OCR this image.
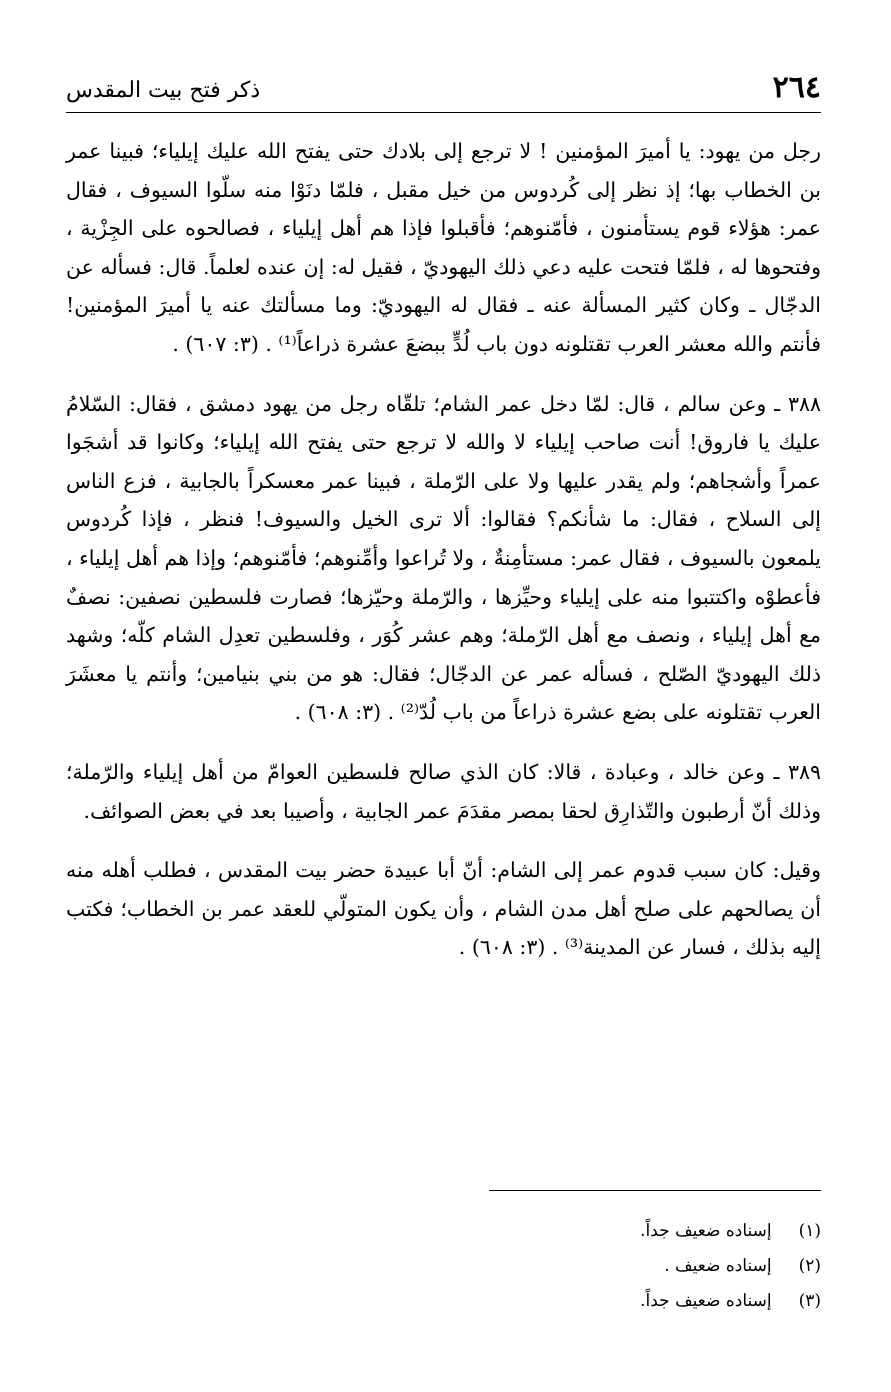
٢٦٤
ذكر فتح بيت المقدس

رجل من يهود: يا أميرَ المؤمنين ! لا ترجع إلى بلادك حتى يفتح الله عليك إيلياء؛ فبينا عمر بن الخطاب بها؛ إذ نظر إلى كُردوس من خيل مقبل ، فلمّا دنَوْا منه سلّوا السيوف ، فقال عمر: هؤلاء قوم يستأمنون ، فأمّنوهم؛ فأقبلوا فإذا هم أهل إيلياء ، فصالحوه على الجِزْية ، وفتحوها له ، فلمّا فتحت عليه دعي ذلك اليهوديّ ، فقيل له: إن عنده لعلماً. قال: فسأله عن الدجّال ـ وكان كثير المسألة عنه ـ فقال له اليهوديّ: وما مسألتك عنه يا أميرَ المؤمنين! فأنتم والله معشر العرب تقتلونه دون باب لُدٍّ ببضعَ عشرة ذراعاً⁽¹⁾ . (٣: ٦٠٧) .

٣٨٨ ـ وعن سالم ، قال: لمّا دخل عمر الشام؛ تلقّاه رجل من يهود دمشق ، فقال: السّلامُ عليك يا فاروق! أنت صاحب إيلياء لا والله لا ترجع حتى يفتح الله إيلياء؛ وكانوا قد أشجَوا عمراً وأشجاهم؛ ولم يقدر عليها ولا على الرّملة ، فبينا عمر معسكراً بالجابية ، فزع الناس إلى السلاح ، فقال: ما شأنكم؟ فقالوا: ألا ترى الخيل والسيوف! فنظر ، فإذا كُردوس يلمعون بالسيوف ، فقال عمر: مستأمِنةٌ ، ولا تُراعوا وأمِّنوهم؛ فأمّنوهم؛ وإذا هم أهل إيلياء ، فأعطوْه واكتتبوا منه على إيلياء وحيِّزها ، والرّملة وحيّزها؛ فصارت فلسطين نصفين: نصفٌ مع أهل إيلياء ، ونصف مع أهل الرّملة؛ وهم عشر كُوَر ، وفلسطين تعدِل الشام كلّه؛ وشهد ذلك اليهوديّ الصّلح ، فسأله عمر عن الدجّال؛ فقال: هو من بني بنيامين؛ وأنتم يا معشَرَ العرب تقتلونه على بضع عشرة ذراعاً من باب لُدّ⁽²⁾ . (٣: ٦٠٨) .

٣٨٩ ـ وعن خالد ، وعبادة ، قالا: كان الذي صالح فلسطين العوامّ من أهل إيلياء والرّملة؛ وذلك أنّ أرطبون والتّذارِق لحقا بمصر مقدَمَ عمر الجابية ، وأصيبا بعد في بعض الصوائف.

وقيل: كان سبب قدوم عمر إلى الشام: أنّ أبا عبيدة حضر بيت المقدس ، فطلب أهله منه أن يصالحهم على صلح أهل مدن الشام ، وأن يكون المتولّي للعقد عمر بن الخطاب؛ فكتب إليه بذلك ، فسار عن المدينة⁽³⁾ . (٣: ٦٠٨) .

(١) إسناده ضعيف جداً.
(٢) إسناده ضعيف .
(٣) إسناده ضعيف جداً.
